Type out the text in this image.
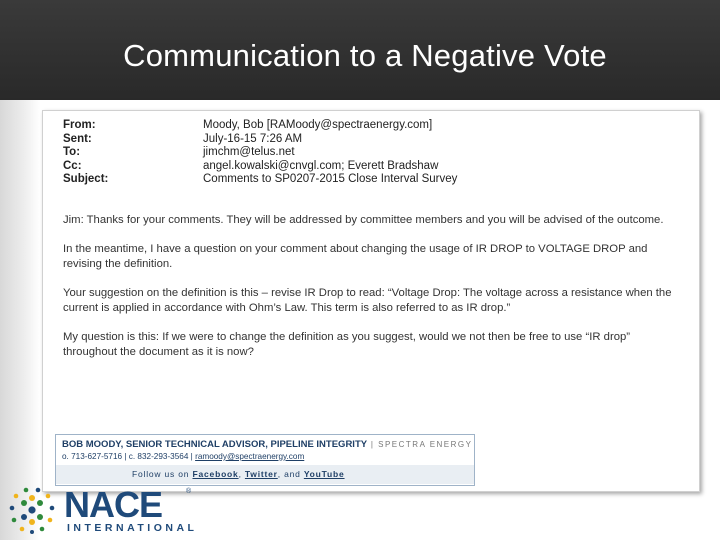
Communication to a Negative Vote
From:	Moody, Bob [RAMoody@spectraenergy.com]
Sent:	July-16-15 7:26 AM
To:	jimchm@telus.net
Cc:	angel.kowalski@cnvgl.com; Everett Bradshaw
Subject:	Comments to SP0207-2015 Close Interval Survey

Jim: Thanks for your comments. They will be addressed by committee members and you will be advised of the outcome.

In the meantime, I have a question on your comment about changing the usage of IR DROP to VOLTAGE DROP and revising the definition.

Your suggestion on the definition is this – revise IR Drop to read: “Voltage Drop: The voltage across a resistance when the current is applied in accordance with Ohm’s Law. This term is also referred to as IR drop.”

My question is this: If we were to change the definition as you suggest, would we not then be free to use “IR drop” throughout the document as it is now?

BOB MOODY, SENIOR TECHNICAL ADVISOR, PIPELINE INTEGRITY | SPECTRA ENERGY
o. 713-627-5716 | c. 832-293-3564 | ramoody@spectraenergy.com
Follow us on Facebook, Twitter, and YouTube
NACE	®
INTERNATIONAL
